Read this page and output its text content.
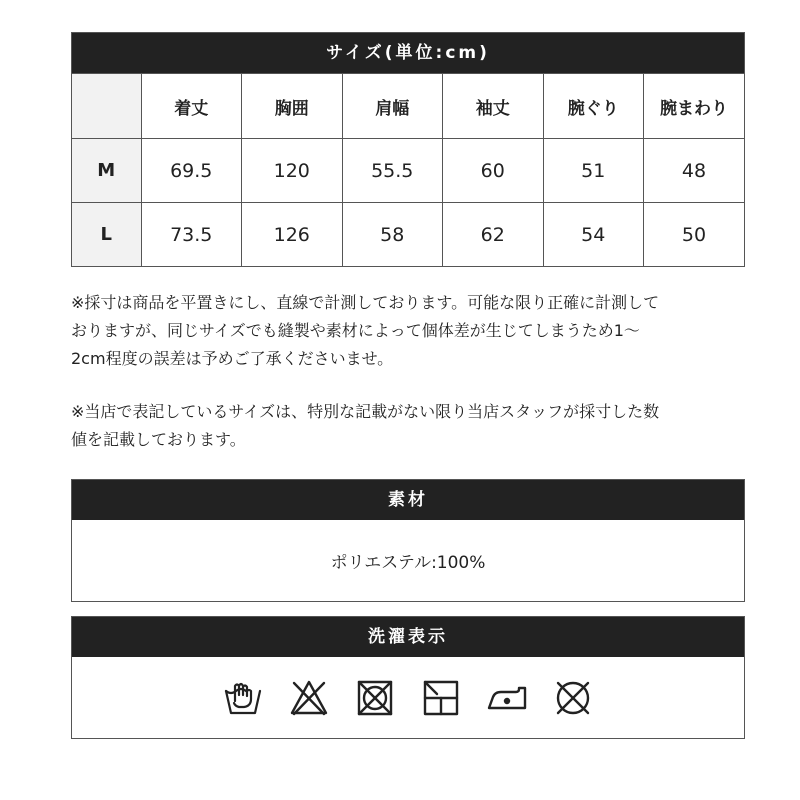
サイズ(単位:cm)
	着丈	胸囲	肩幅	袖丈	腕ぐり	腕まわり
M	69.5	120	55.5	60	51	48
L	73.5	126	58	62	54	50
※採寸は商品を平置きにし、直線で計測しております。可能な限り正確に計測して
おりますが、同じサイズでも縫製や素材によって個体差が生じてしまうため1〜
2cm程度の誤差は予めご了承くださいませ。
※当店で表記しているサイズは、特別な記載がない限り当店スタッフが採寸した数
値を記載しております。
素材
ポリエステル:100%
洗濯表示
